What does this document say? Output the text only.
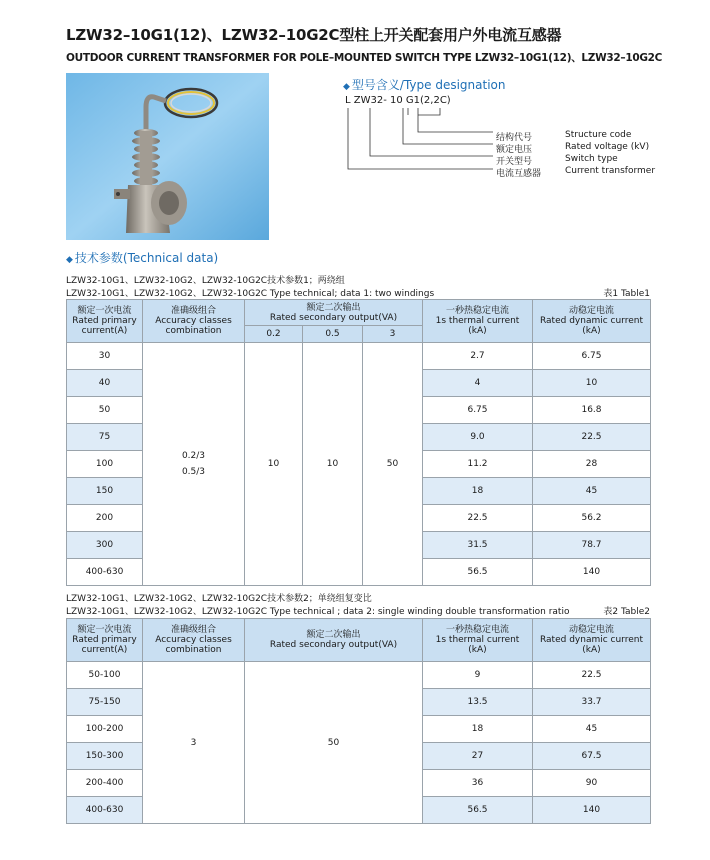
LZW32–10G1(12)、LZW32–10G2C型柱上开关配套用户外电流互感器
OUTDOOR CURRENT TRANSFORMER FOR POLE–MOUNTED SWITCH TYPE LZW32–10G1(12)、LZW32–10G2C
◆ 型号含义/Type designation
L ZW32- 10 G1(2,2C)
结构代号	Structure code
额定电压	Rated voltage (kV)
开关型号	Switch type
电流互感器	Current transformer
◆ 技术参数(Technical data)
LZW32-10G1、LZW32-10G2、LZW32-10G2C技术参数1；两绕组
LZW32-10G1、LZW32-10G2、LZW32-10G2C Type technical; data 1: two windings	表1 Table1
额定一次电流
Rated primary
current(A)	准确级组合
Accuracy classes
combination	额定二次输出
Rated secondary output(VA)			一秒热稳定电流
1s thermal current
(kA)	动稳定电流
Rated dynamic current
(kA)

		0.2	0.5	3		
30	0.2/3
0.5/3	10	10	50	2.7	6.75
40					4	10
50					6.75	16.8
75					9.0	22.5
100					11.2	28
150					18	45
200					22.5	56.2
300					31.5	78.7
400-630					56.5	140
LZW32-10G1、LZW32-10G2、LZW32-10G2C技术参数2；单绕组复变比
LZW32-10G1、LZW32-10G2、LZW32-10G2C Type technical ; data 2: single winding double transformation ratio	表2 Table2
额定一次电流
Rated primary
current(A)	准确级组合
Accuracy classes
combination	额定二次输出
Rated secondary output(VA)	一秒热稳定电流
1s thermal current
(kA)	动稳定电流
Rated dynamic current
(kA)

50-100	3	50	9	22.5
75-150			13.5	33.7
100-200			18	45
150-300			27	67.5
200-400			36	90
400-630			56.5	140
